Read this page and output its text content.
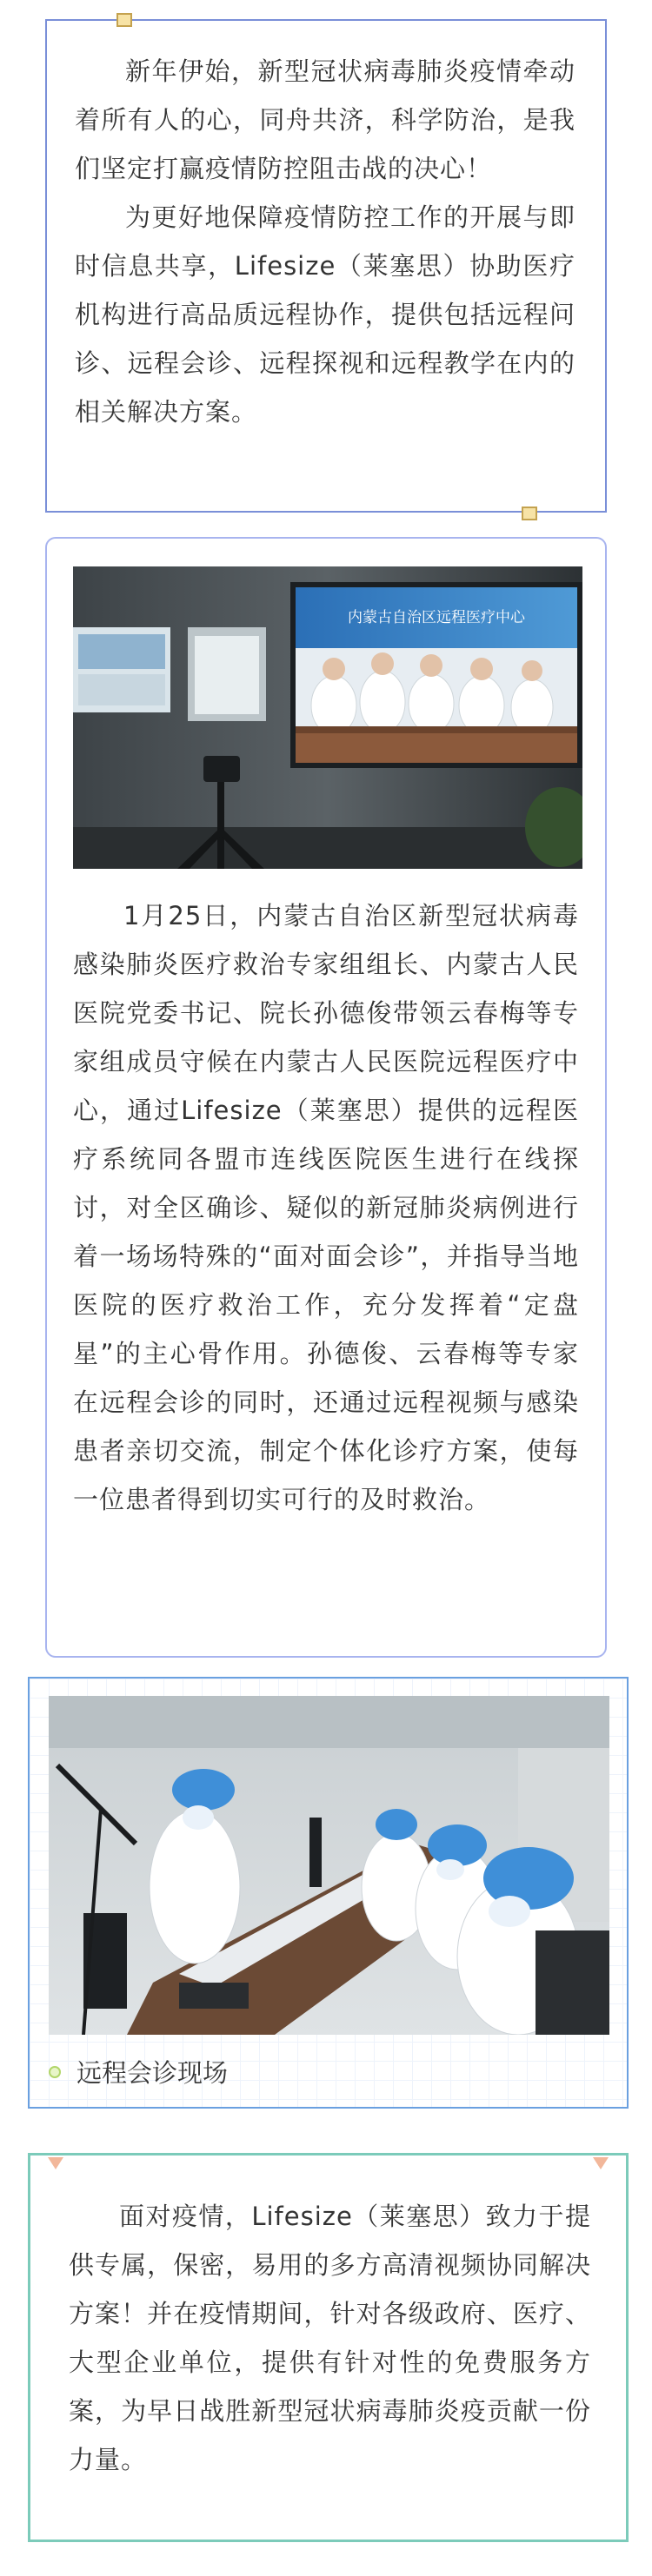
新年伊始，新型冠状病毒肺炎疫情牵动着所有人的心，同舟共济，科学防治，是我们坚定打赢疫情防控阻击战的决心！

为更好地保障疫情防控工作的开展与即时信息共享，Lifesize（莱塞思）协助医疗机构进行高品质远程协作，提供包括远程问诊、远程会诊、远程探视和远程教学在内的相关解决方案。

内蒙古自治区远程医疗中心

1月25日，内蒙古自治区新型冠状病毒感染肺炎医疗救治专家组组长、内蒙古人民医院党委书记、院长孙德俊带领云春梅等专家组成员守候在内蒙古人民医院远程医疗中心，通过Lifesize（莱塞思）提供的远程医疗系统同各盟市连线医院医生进行在线探讨，对全区确诊、疑似的新冠肺炎病例进行着一场场特殊的“面对面会诊”，并指导当地医院的医疗救治工作，充分发挥着“定盘星”的主心骨作用。孙德俊、云春梅等专家在远程会诊的同时，还通过远程视频与感染患者亲切交流，制定个体化诊疗方案，使每一位患者得到切实可行的及时救治。

远程会诊现场

面对疫情，Lifesize（莱塞思）致力于提供专属，保密，易用的多方高清视频协同解决方案！并在疫情期间，针对各级政府、医疗、大型企业单位，提供有针对性的免费服务方案，为早日战胜新型冠状病毒肺炎疫贡献一份力量。
